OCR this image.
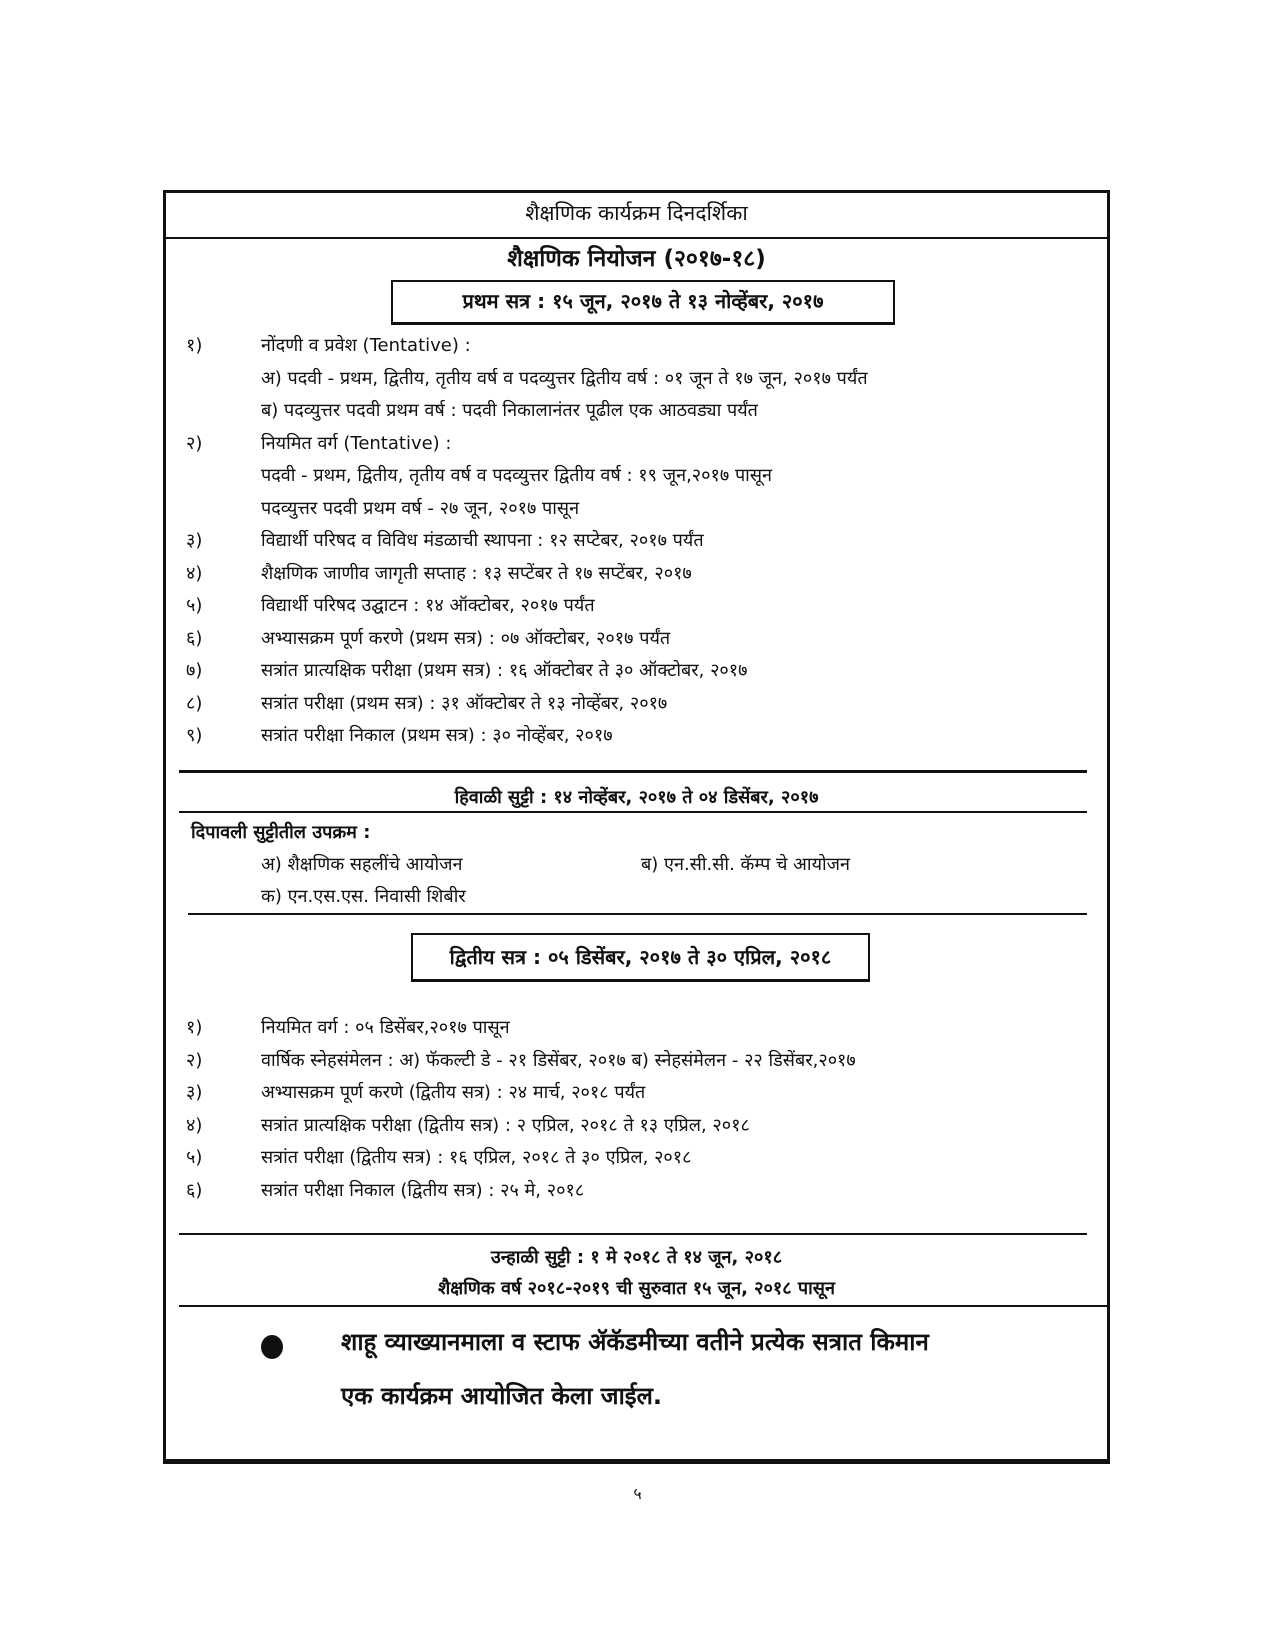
शैक्षणिक कार्यक्रम दिनदर्शिका
शैक्षणिक नियोजन (२०१७-१८)
प्रथम सत्र : १५ जून, २०१७ ते १३ नोव्हेंबर, २०१७
१)	नोंदणी व प्रवेश (Tentative) :
अ) पदवी - प्रथम, द्वितीय, तृतीय वर्ष व पदव्युत्तर द्वितीय वर्ष : ०१ जून ते १७ जून, २०१७ पर्यंत
ब) पदव्युत्तर पदवी प्रथम वर्ष : पदवी निकालानंतर पूढील एक आठवड्या पर्यंत
२)	नियमित वर्ग (Tentative) :
पदवी - प्रथम, द्वितीय, तृतीय वर्ष व पदव्युत्तर द्वितीय वर्ष : १९ जून,२०१७ पासून
पदव्युत्तर पदवी प्रथम वर्ष - २७ जून, २०१७ पासून
३)	विद्यार्थी परिषद व विविध मंडळाची स्थापना : १२ सप्टेबर, २०१७ पर्यंत
४)	शैक्षणिक जाणीव जागृती सप्ताह : १३ सप्टेंबर ते १७ सप्टेंबर, २०१७
५)	विद्यार्थी परिषद उद्घाटन : १४ ऑक्टोबर, २०१७ पर्यंत
६)	अभ्यासक्रम पूर्ण करणे (प्रथम सत्र) : ०७ ऑक्टोबर, २०१७ पर्यंत
७)	सत्रांत प्रात्यक्षिक परीक्षा (प्रथम सत्र) : १६ ऑक्टोबर ते ३० ऑक्टोबर, २०१७
८)	सत्रांत परीक्षा (प्रथम सत्र) : ३१ ऑक्टोबर ते १३ नोव्हेंबर, २०१७
९)	सत्रांत परीक्षा निकाल (प्रथम सत्र) : ३० नोव्हेंबर, २०१७
हिवाळी सुट्टी : १४ नोव्हेंबर, २०१७ ते ०४ डिसेंबर, २०१७
दिपावली सुट्टीतील उपक्रम :
अ) शैक्षणिक सहलींचे आयोजन	ब) एन.सी.सी. कॅम्प चे आयोजन
क) एन.एस.एस. निवासी शिबीर
द्वितीय सत्र : ०५ डिसेंबर, २०१७ ते ३० एप्रिल, २०१८
१)	नियमित वर्ग : ०५ डिसेंबर,२०१७ पासून
२)	वार्षिक स्नेहसंमेलन : अ) फॅकल्टी डे - २१ डिसेंबर, २०१७ ब) स्नेहसंमेलन - २२ डिसेंबर,२०१७
३)	अभ्यासक्रम पूर्ण करणे (द्वितीय सत्र) : २४ मार्च, २०१८ पर्यंत
४)	सत्रांत प्रात्यक्षिक परीक्षा (द्वितीय सत्र) : २ एप्रिल, २०१८ ते १३ एप्रिल, २०१८
५)	सत्रांत परीक्षा (द्वितीय सत्र) : १६ एप्रिल, २०१८ ते ३० एप्रिल, २०१८
६)	सत्रांत परीक्षा निकाल (द्वितीय सत्र) : २५ मे, २०१८
उन्हाळी सुट्टी : १ मे २०१८ ते १४ जून, २०१८
शैक्षणिक वर्ष २०१८-२०१९ ची सुरुवात १५ जून, २०१८ पासून
शाहू व्याख्यानमाला व स्टाफ ॲकॅडमीच्या वतीने प्रत्येक सत्रात किमान
एक कार्यक्रम आयोजित केला जाईल.
५
